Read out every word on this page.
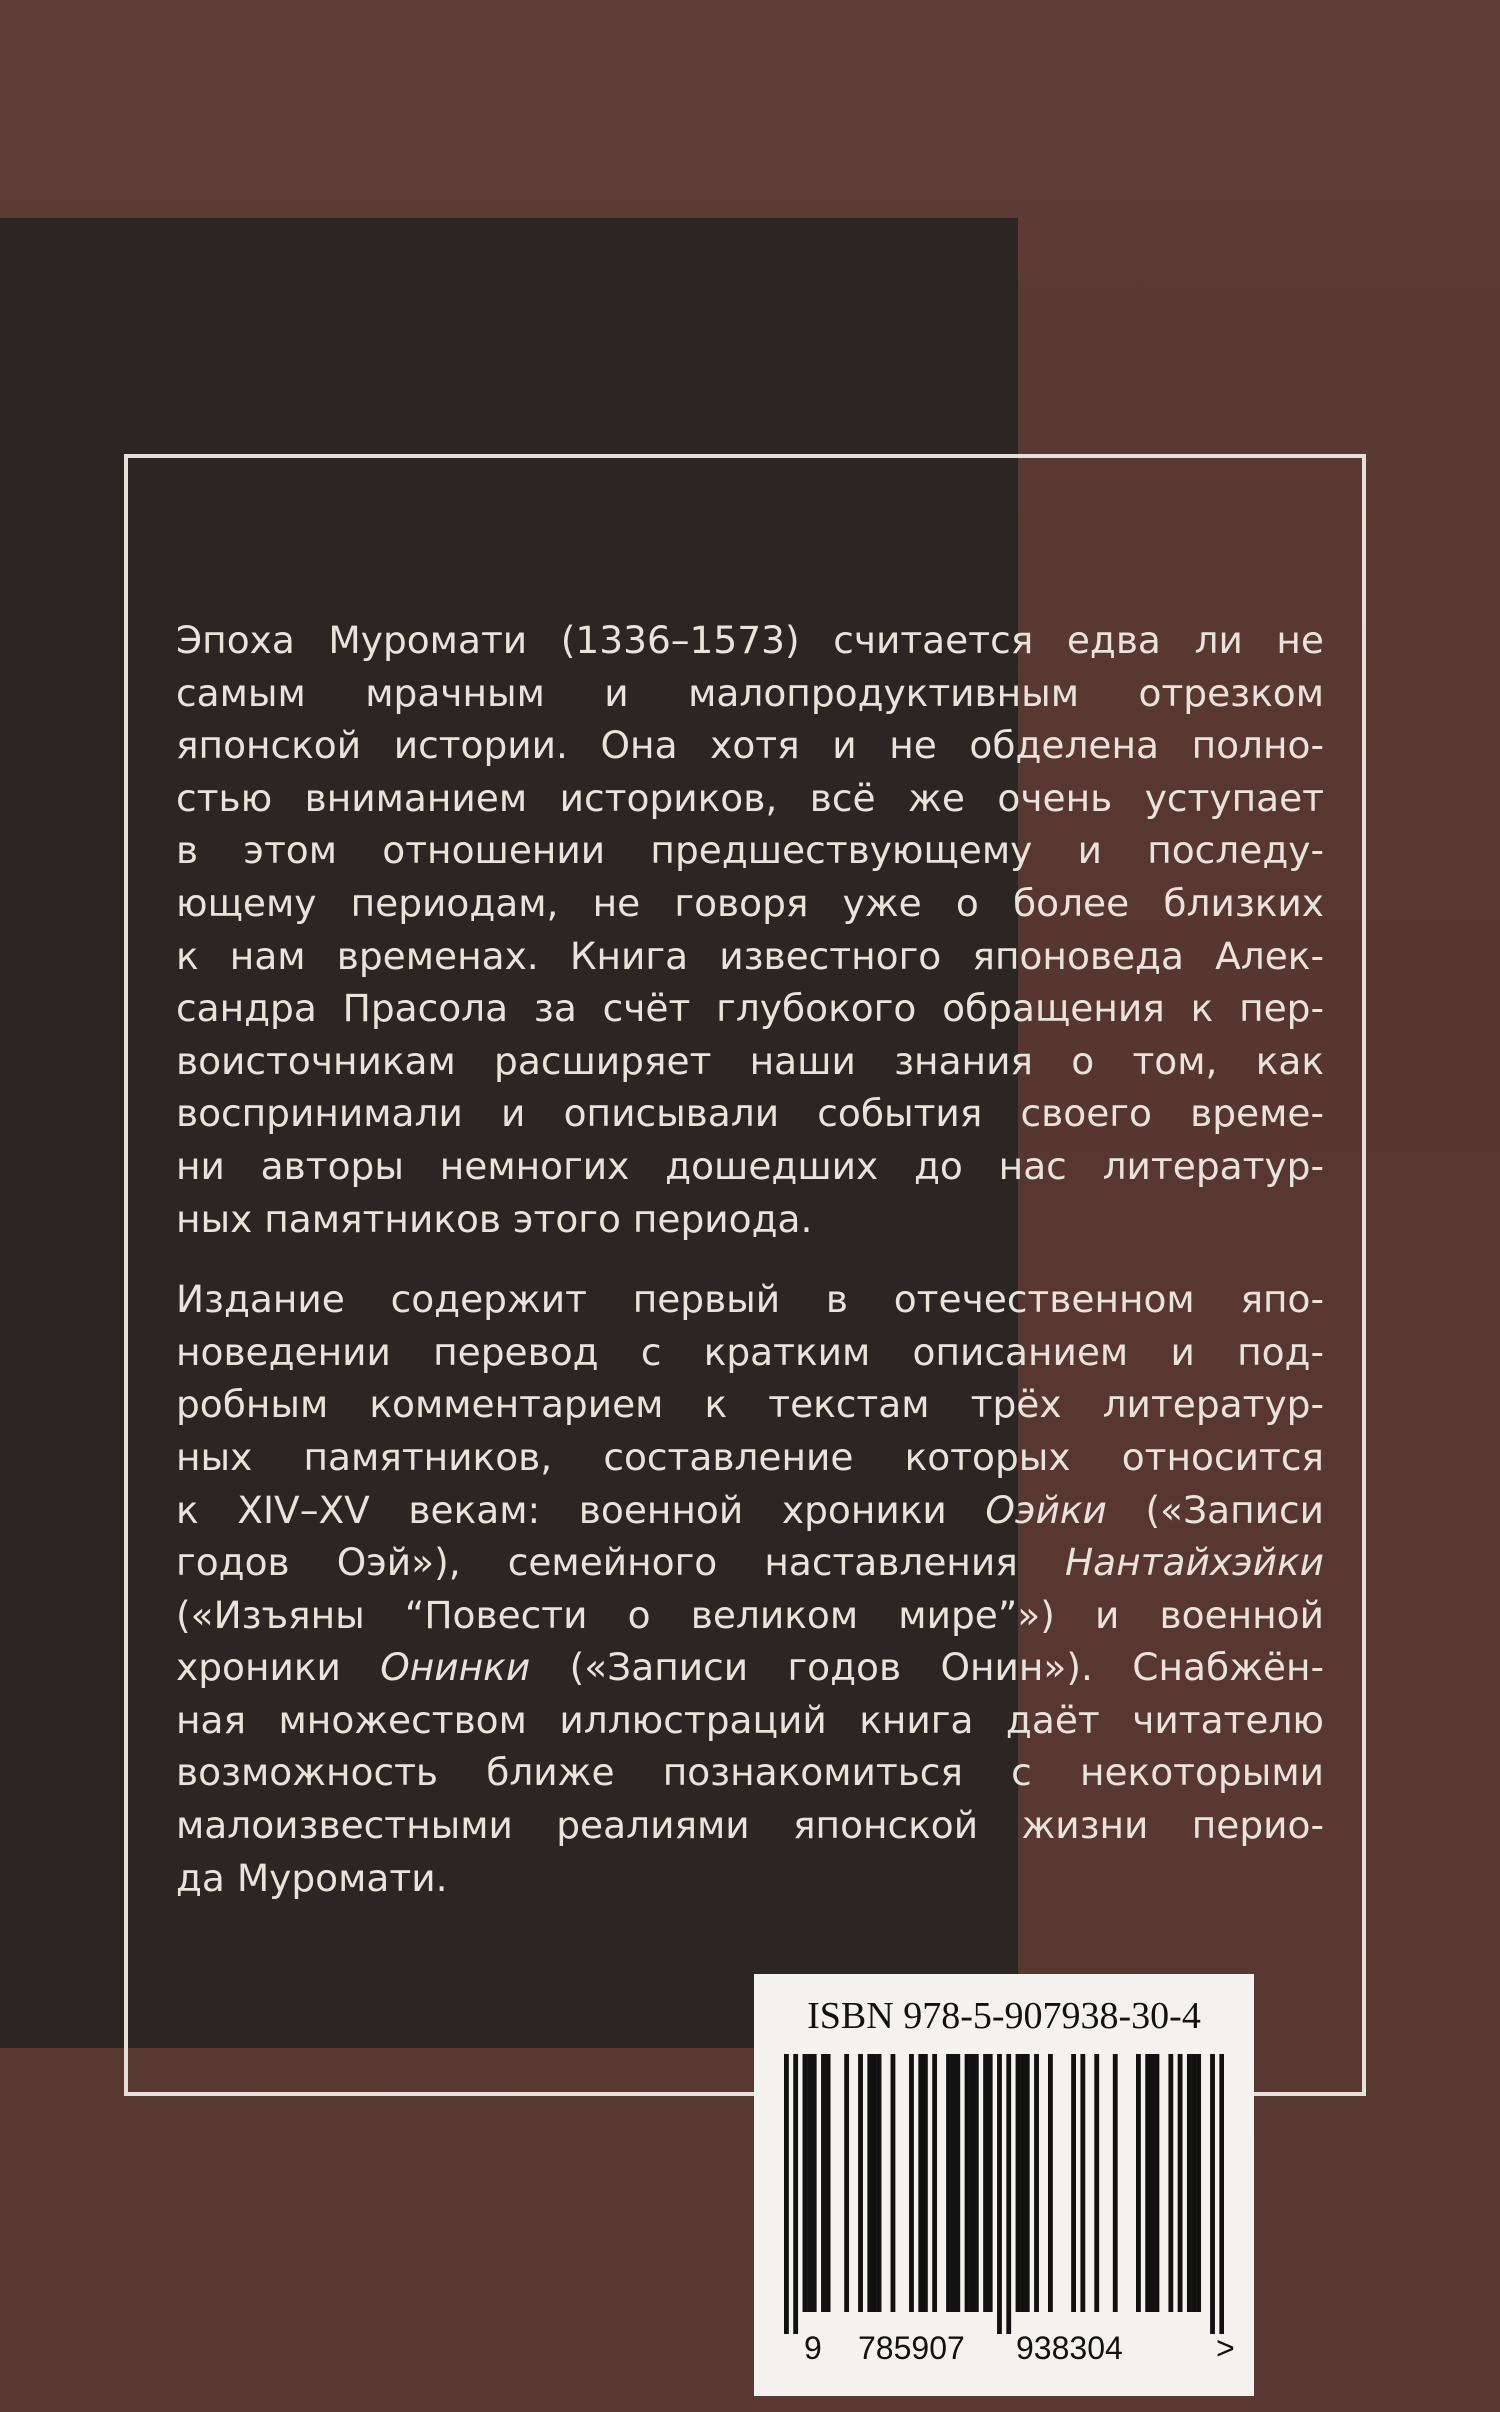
Эпоха Муромати (1336–1573) считается едва ли не
самым мрачным и малопродуктивным отрезком
японской истории. Она хотя и не обделена полно-
стью вниманием историков, всё же очень уступает
в этом отношении предшествующему и последу-
ющему периодам, не говоря уже о более близких
к нам временах. Книга известного японоведа Алек-
сандра Прасола за счёт глубокого обращения к пер-
воисточникам расширяет наши знания о том, как
воспринимали и описывали события своего време-
ни авторы немногих дошедших до нас литератур-
ных памятников этого периода.

Издание содержит первый в отечественном япо-
новедении перевод с кратким описанием и под-
робным комментарием к текстам трёх литератур-
ных памятников, составление которых относится
к XIV–XV векам: военной хроники Оэйки («Записи
годов Оэй»), семейного наставления Нантайхэйки
(«Изъяны “Повести о великом мире”») и военной
хроники Онинки («Записи годов Онин»). Снабжён-
ная множеством иллюстраций книга даёт читателю
возможность ближе познакомиться с некоторыми
малоизвестными реалиями японской жизни перио-
да Муромати.

ISBN 978-5-907938-30-4
9 785907 938304	>
